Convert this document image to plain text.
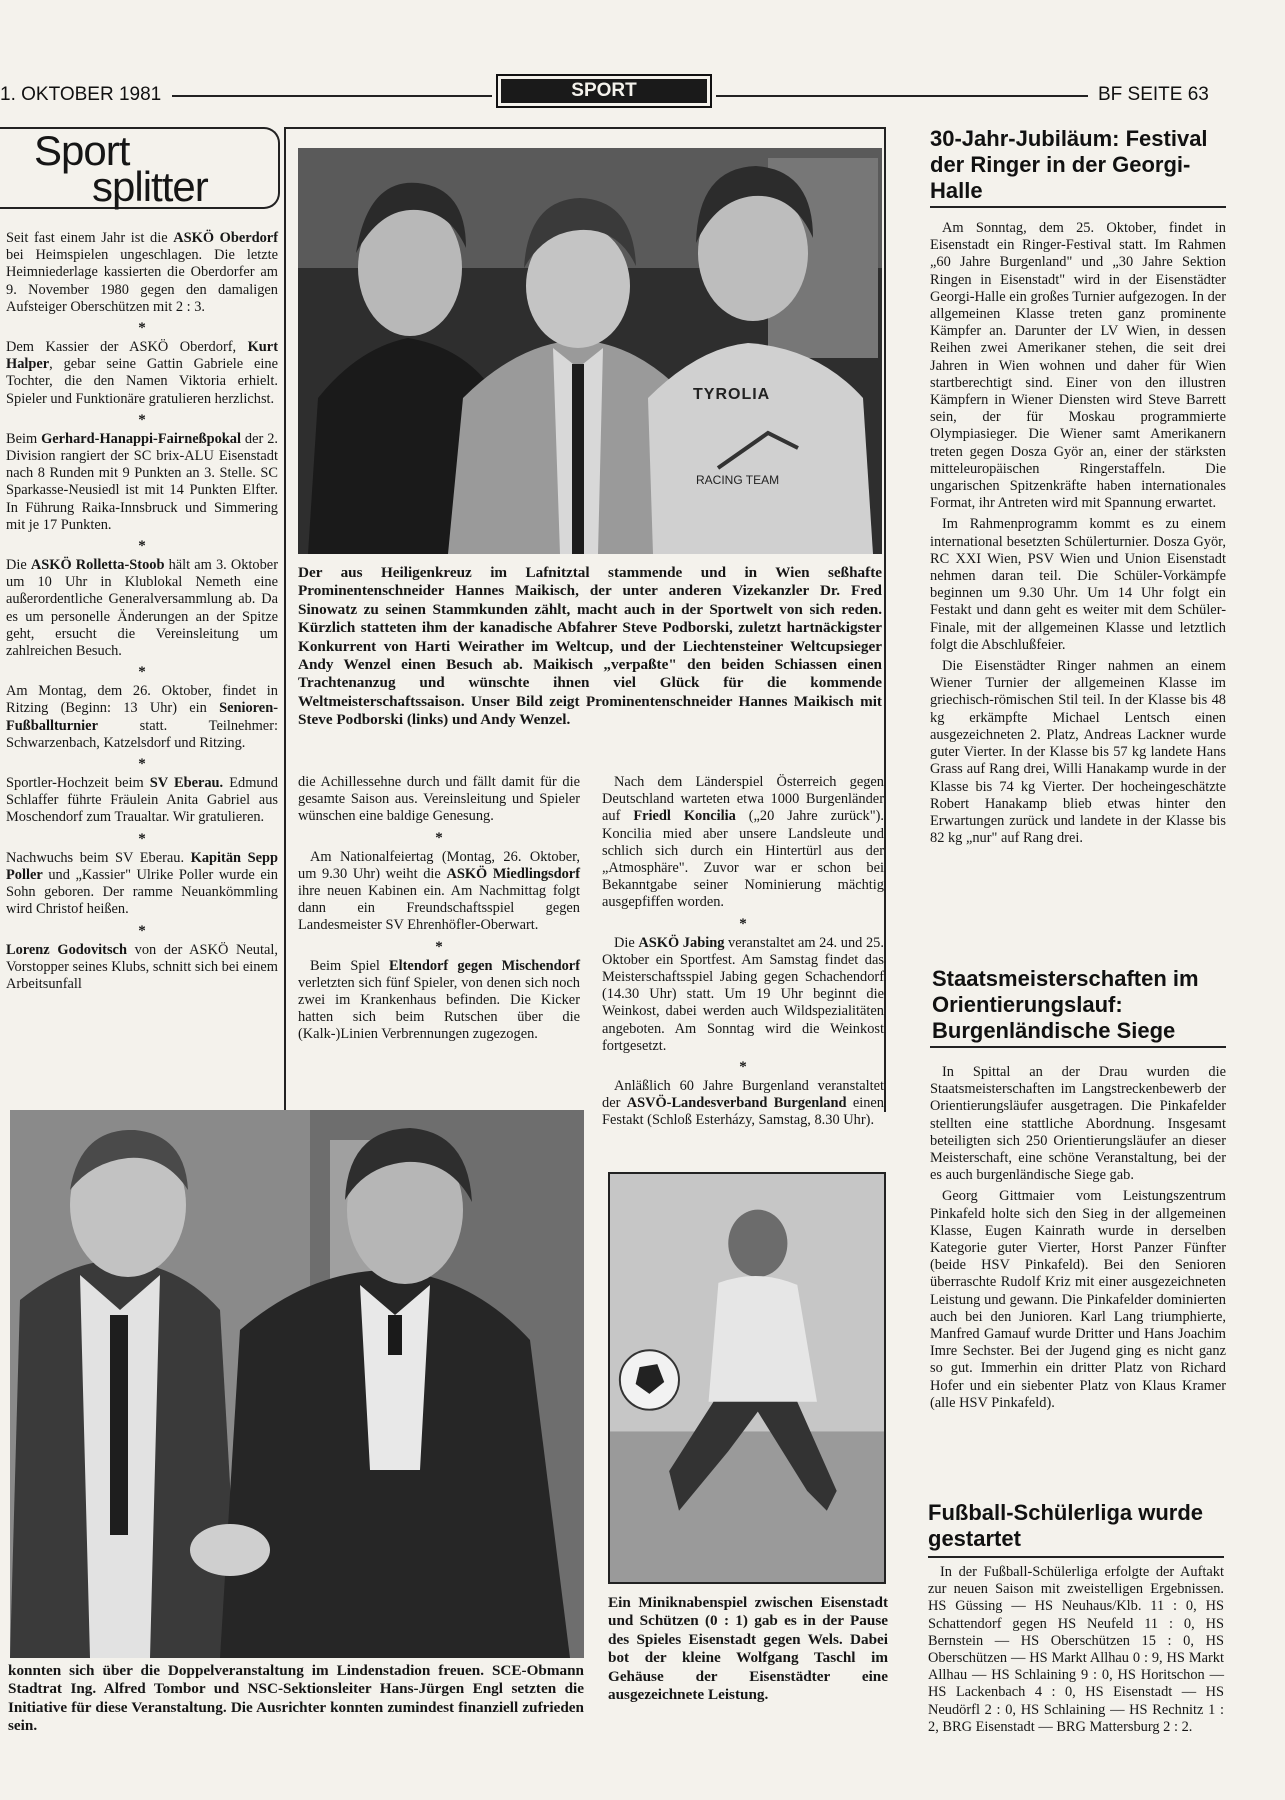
1. OKTOBER 1981	SPORT	BF SEITE 63
Sport
splitter

Seit fast einem Jahr ist die ASKÖ Oberdorf bei Heimspielen ungeschlagen. Die letzte Heimniederlage kassierten die Oberdorfer am 9. November 1980 gegen den damaligen Aufsteiger Oberschützen mit 2 : 3.

*

Dem Kassier der ASKÖ Oberdorf, Kurt Halper, gebar seine Gattin Gabriele eine Tochter, die den Namen Viktoria erhielt. Spieler und Funktionäre gratulieren herzlichst.

*

Beim Gerhard-Hanappi-Fairneßpokal der 2. Division rangiert der SC brix-ALU Eisenstadt nach 8 Runden mit 9 Punkten an 3. Stelle. SC Sparkasse-Neusiedl ist mit 14 Punkten Elfter. In Führung Raika-Innsbruck und Simmering mit je 17 Punkten.

*

Die ASKÖ Rolletta-Stoob hält am 3. Oktober um 10 Uhr in Klublokal Nemeth eine außerordentliche Generalversammlung ab. Da es um personelle Änderungen an der Spitze geht, ersucht die Vereinsleitung um zahlreichen Besuch.

*

Am Montag, dem 26. Oktober, findet in Ritzing (Beginn: 13 Uhr) ein Senioren-Fußballturnier statt. Teilnehmer: Schwarzenbach, Katzelsdorf und Ritzing.

*

Sportler-Hochzeit beim SV Eberau. Edmund Schlaffer führte Fräulein Anita Gabriel aus Moschendorf zum Traualtar. Wir gratulieren.

*

Nachwuchs beim SV Eberau. Kapitän Sepp Poller und „Kassier" Ulrike Poller wurde ein Sohn geboren. Der ramme Neuankömmling wird Christof heißen.

*

Lorenz Godovitsch von der ASKÖ Neutal, Vorstopper seines Klubs, schnitt sich bei einem Arbeitsunfall

TYROLIA
RACING TEAM
Der aus Heiligenkreuz im Lafnitztal stammende und in Wien seßhafte Prominentenschneider Hannes Maikisch, der unter anderen Vizekanzler Dr. Fred Sinowatz zu seinen Stammkunden zählt, macht auch in der Sportwelt von sich reden. Kürzlich statteten ihm der kanadische Abfahrer Steve Podborski, zuletzt hartnäckigster Konkurrent von Harti Weirather im Weltcup, und der Liechtensteiner Weltcupsieger Andy Wenzel einen Besuch ab. Maikisch „verpaßte" den beiden Schiassen einen Trachtenanzug und wünschte ihnen viel Glück für die kommende Weltmeisterschaftssaison. Unser Bild zeigt Prominentenschneider Hannes Maikisch mit Steve Podborski (links) und Andy Wenzel.

die Achillessehne durch und fällt damit für die gesamte Saison aus. Vereinsleitung und Spieler wünschen eine baldige Genesung.

*

Am Nationalfeiertag (Montag, 26. Oktober, um 9.30 Uhr) weiht die ASKÖ Miedlingsdorf ihre neuen Kabinen ein. Am Nachmittag folgt dann ein Freundschaftsspiel gegen Landesmeister SV Ehrenhöfler-Oberwart.

*

Beim Spiel Eltendorf gegen Mischendorf verletzten sich fünf Spieler, von denen sich noch zwei im Krankenhaus befinden. Die Kicker hatten sich beim Rutschen über die (Kalk-)Linien Verbrennungen zugezogen.

Nach dem Länderspiel Österreich gegen Deutschland warteten etwa 1000 Burgenländer auf Friedl Koncilia („20 Jahre zurück"). Koncilia mied aber unsere Landsleute und schlich sich durch ein Hintertürl aus der „Atmosphäre". Zuvor war er schon bei Bekanntgabe seiner Nominierung mächtig ausgepfiffen worden.

*

Die ASKÖ Jabing veranstaltet am 24. und 25. Oktober ein Sportfest. Am Samstag findet das Meisterschaftsspiel Jabing gegen Schachendorf (14.30 Uhr) statt. Um 19 Uhr beginnt die Weinkost, dabei werden auch Wildspezialitäten angeboten. Am Sonntag wird die Weinkost fortgesetzt.

*

Anläßlich 60 Jahre Burgenland veranstaltet der ASVÖ-Landesverband Burgenland einen Festakt (Schloß Esterházy, Samstag, 8.30 Uhr).

konnten sich über die Doppelveranstaltung im Lindenstadion freuen. SCE-Obmann Stadtrat Ing. Alfred Tombor und NSC-Sektionsleiter Hans-Jürgen Engl setzten die Initiative für diese Veranstaltung. Die Ausrichter konnten zumindest finanziell zufrieden sein.
Ein Miniknabenspiel zwischen Eisenstadt und Schützen (0 : 1) gab es in der Pause des Spieles Eisenstadt gegen Wels. Dabei bot der kleine Wolfgang Taschl im Gehäuse der Eisenstädter eine ausgezeichnete Leistung.
30-Jahr-Jubiläum: Festival der Ringer in der Georgi-Halle

Am Sonntag, dem 25. Oktober, findet in Eisenstadt ein Ringer-Festival statt. Im Rahmen „60 Jahre Burgenland" und „30 Jahre Sektion Ringen in Eisenstadt" wird in der Eisenstädter Georgi-Halle ein großes Turnier aufgezogen. In der allgemeinen Klasse treten ganz prominente Kämpfer an. Darunter der LV Wien, in dessen Reihen zwei Amerikaner stehen, die seit drei Jahren in Wien wohnen und daher für Wien startberechtigt sind. Einer von den illustren Kämpfern in Wiener Diensten wird Steve Barrett sein, der für Moskau programmierte Olympiasieger. Die Wiener samt Amerikanern treten gegen Dosza Györ an, einer der stärksten mitteleuropäischen Ringerstaffeln. Die ungarischen Spitzenkräfte haben internationales Format, ihr Antreten wird mit Spannung erwartet.

Im Rahmenprogramm kommt es zu einem international besetzten Schülerturnier. Dosza Györ, RC XXI Wien, PSV Wien und Union Eisenstadt nehmen daran teil. Die Schüler-Vorkämpfe beginnen um 9.30 Uhr. Um 14 Uhr folgt ein Festakt und dann geht es weiter mit dem Schüler-Finale, mit der allgemeinen Klasse und letztlich folgt die Abschlußfeier.

Die Eisenstädter Ringer nahmen an einem Wiener Turnier der allgemeinen Klasse im griechisch-römischen Stil teil. In der Klasse bis 48 kg erkämpfte Michael Lentsch einen ausgezeichneten 2. Platz, Andreas Lackner wurde guter Vierter. In der Klasse bis 57 kg landete Hans Grass auf Rang drei, Willi Hanakamp wurde in der Klasse bis 74 kg Vierter. Der hocheingeschätzte Robert Hanakamp blieb etwas hinter den Erwartungen zurück und landete in der Klasse bis 82 kg „nur" auf Rang drei.

Staatsmeisterschaften im Orientierungslauf: Burgenländische Siege

In Spittal an der Drau wurden die Staatsmeisterschaften im Langstreckenbewerb der Orientierungsläufer ausgetragen. Die Pinkafelder stellten eine stattliche Abordnung. Insgesamt beteiligten sich 250 Orientierungsläufer an dieser Meisterschaft, eine schöne Veranstaltung, bei der es auch burgenländische Siege gab.

Georg Gittmaier vom Leistungszentrum Pinkafeld holte sich den Sieg in der allgemeinen Klasse, Eugen Kainrath wurde in derselben Kategorie guter Vierter, Horst Panzer Fünfter (beide HSV Pinkafeld). Bei den Senioren überraschte Rudolf Kriz mit einer ausgezeichneten Leistung und gewann. Die Pinkafelder dominierten auch bei den Junioren. Karl Lang triumphierte, Manfred Gamauf wurde Dritter und Hans Joachim Imre Sechster. Bei der Jugend ging es nicht ganz so gut. Immerhin ein dritter Platz von Richard Hofer und ein siebenter Platz von Klaus Kramer (alle HSV Pinkafeld).

Fußball-Schülerliga wurde gestartet

In der Fußball-Schülerliga erfolgte der Auftakt zur neuen Saison mit zweistelligen Ergebnissen. HS Güssing — HS Neuhaus/Klb. 11 : 0, HS Schattendorf gegen HS Neufeld 11 : 0, HS Bernstein — HS Oberschützen 15 : 0, HS Oberschützen — HS Markt Allhau 0 : 9, HS Markt Allhau — HS Schlaining 9 : 0, HS Horitschon — HS Lackenbach 4 : 0, HS Eisenstadt — HS Neudörfl 2 : 0, HS Schlaining — HS Rechnitz 1 : 2, BRG Eisenstadt — BRG Mattersburg 2 : 2.
